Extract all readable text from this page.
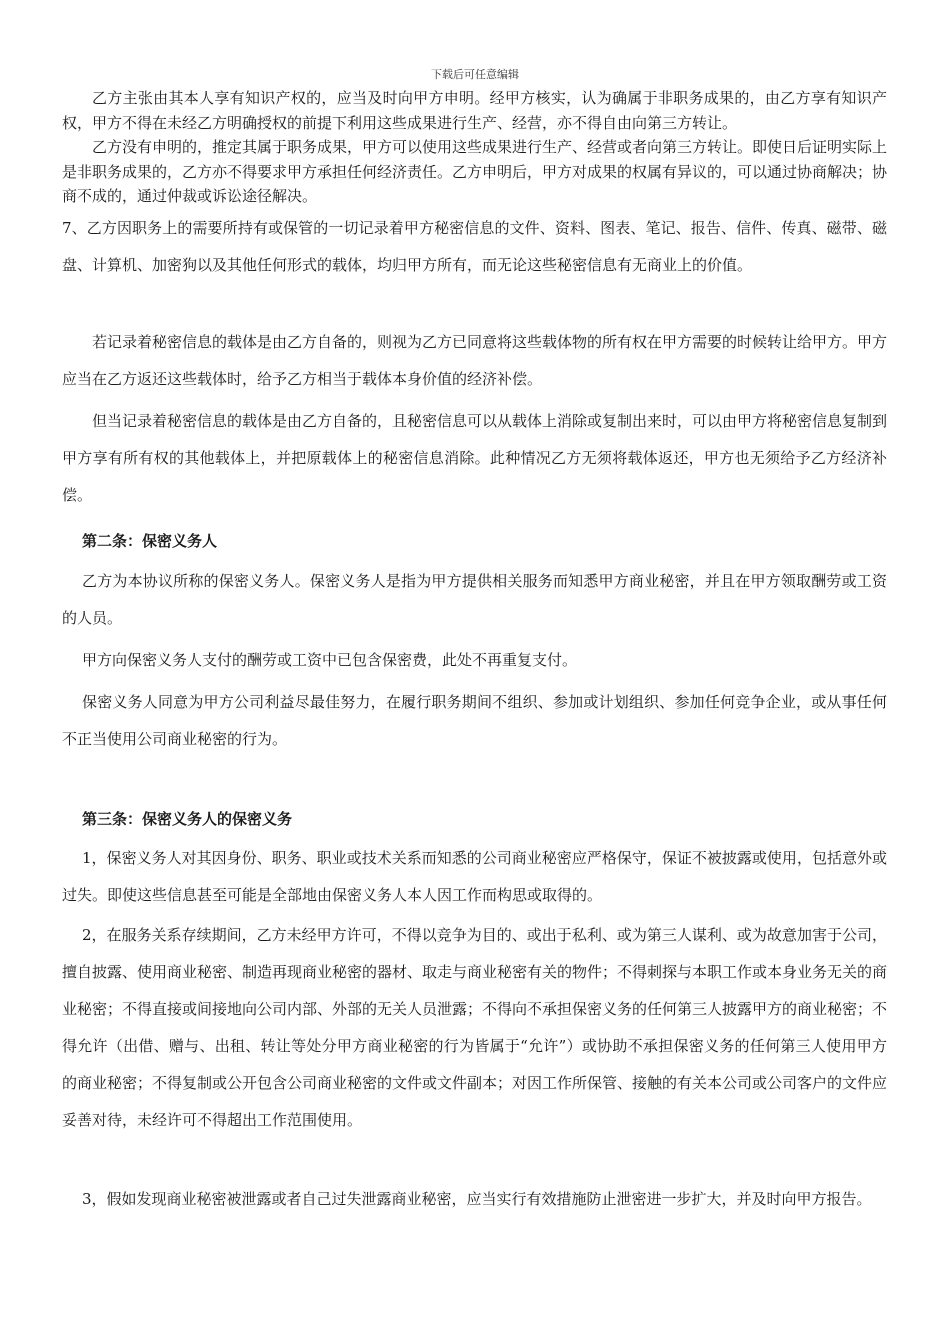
下载后可任意编辑

乙方主张由其本人享有知识产权的，应当及时向甲方申明。经甲方核实，认为确属于非职务成果的，由乙方享有知识产权，甲方不得在未经乙方明确授权的前提下利用这些成果进行生产、经营，亦不得自由向第三方转让。

乙方没有申明的，推定其属于职务成果，甲方可以使用这些成果进行生产、经营或者向第三方转让。即使日后证明实际上是非职务成果的，乙方亦不得要求甲方承担任何经济责任。乙方申明后，甲方对成果的权属有异议的，可以通过协商解决；协商不成的，通过仲裁或诉讼途径解决。

7、乙方因职务上的需要所持有或保管的一切记录着甲方秘密信息的文件、资料、图表、笔记、报告、信件、传真、磁带、磁盘、计算机、加密狗以及其他任何形式的载体，均归甲方所有，而无论这些秘密信息有无商业上的价值。

若记录着秘密信息的载体是由乙方自备的，则视为乙方已同意将这些载体物的所有权在甲方需要的时候转让给甲方。甲方应当在乙方返还这些载体时，给予乙方相当于载体本身价值的经济补偿。

但当记录着秘密信息的载体是由乙方自备的，且秘密信息可以从载体上消除或复制出来时，可以由甲方将秘密信息复制到甲方享有所有权的其他载体上，并把原载体上的秘密信息消除。此种情况乙方无须将载体返还，甲方也无须给予乙方经济补偿。

第二条：保密义务人

乙方为本协议所称的保密义务人。保密义务人是指为甲方提供相关服务而知悉甲方商业秘密，并且在甲方领取酬劳或工资的人员。

甲方向保密义务人支付的酬劳或工资中已包含保密费，此处不再重复支付。

保密义务人同意为甲方公司利益尽最佳努力，在履行职务期间不组织、参加或计划组织、参加任何竞争企业，或从事任何不正当使用公司商业秘密的行为。

第三条：保密义务人的保密义务

1，保密义务人对其因身份、职务、职业或技术关系而知悉的公司商业秘密应严格保守，保证不被披露或使用，包括意外或过失。即使这些信息甚至可能是全部地由保密义务人本人因工作而构思或取得的。

2，在服务关系存续期间，乙方未经甲方许可，不得以竞争为目的、或出于私利、或为第三人谋利、或为故意加害于公司，擅自披露、使用商业秘密、制造再现商业秘密的器材、取走与商业秘密有关的物件；不得刺探与本职工作或本身业务无关的商业秘密；不得直接或间接地向公司内部、外部的无关人员泄露；不得向不承担保密义务的任何第三人披露甲方的商业秘密；不得允许（出借、赠与、出租、转让等处分甲方商业秘密的行为皆属于“允许”）或协助不承担保密义务的任何第三人使用甲方的商业秘密；不得复制或公开包含公司商业秘密的文件或文件副本；对因工作所保管、接触的有关本公司或公司客户的文件应妥善对待，未经许可不得超出工作范围使用。

3，假如发现商业秘密被泄露或者自己过失泄露商业秘密，应当实行有效措施防止泄密进一步扩大，并及时向甲方报告。
